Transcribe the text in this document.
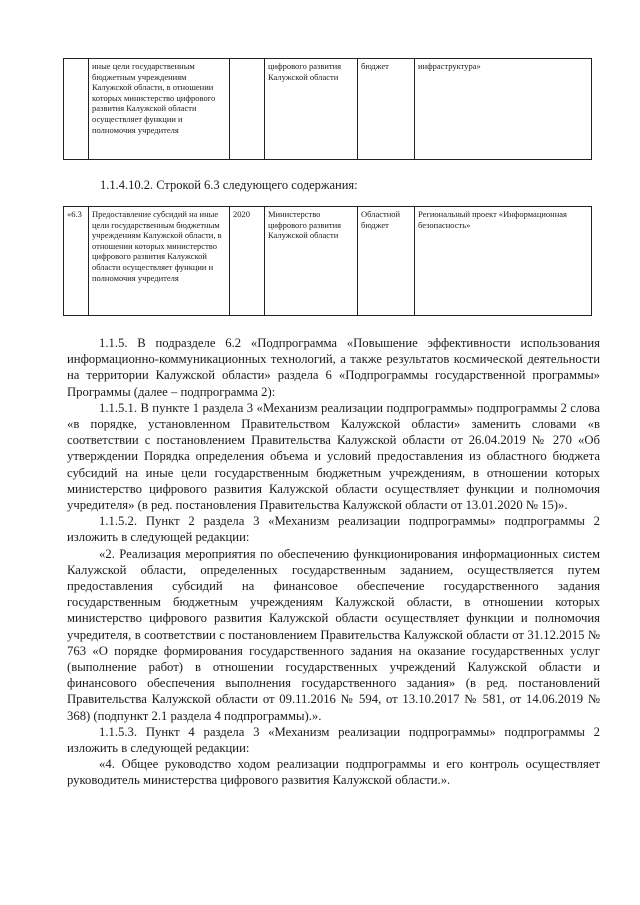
	иные цели государственным бюджетным учреждениям Калужской области, в отношении которых министерство цифрового развития Калужской области осуществляет функции и полномочия учредителя		цифрового развития Калужской области	бюджет	инфраструктура»
1.1.4.10.2. Строкой 6.3 следующего содержания:
«6.3	Предоставление субсидий на иные цели государственным бюджетным учреждениям Калужской области, в отношении которых министерство цифрового развития Калужской области осуществляет функции и полномочия учредителя	2020	Министерство цифрового развития Калужской области	Областной бюджет	Региональный проект «Информационная безопасность»

1.1.5. В подразделе 6.2 «Подпрограмма «Повышение эффективности использования информационно-коммуникационных технологий, а также результатов космической деятельности на территории Калужской области» раздела 6 «Подпрограммы государственной программы» Программы (далее – подпрограмма 2):

1.1.5.1. В пункте 1 раздела 3 «Механизм реализации подпрограммы» подпрограммы 2 слова «в порядке, установленном Правительством Калужской области» заменить словами «в соответствии с постановлением Правительства Калужской области от 26.04.2019 № 270 «Об утверждении Порядка определения объема и условий предоставления из областного бюджета субсидий на иные цели государственным бюджетным учреждениям, в отношении которых министерство цифрового развития Калужской области осуществляет функции и полномочия учредителя» (в ред. постановления Правительства Калужской области от 13.01.2020 № 15)».

1.1.5.2. Пункт 2 раздела 3 «Механизм реализации подпрограммы» подпрограммы 2 изложить в следующей редакции:

«2. Реализация мероприятия по обеспечению функционирования информационных систем Калужской области, определенных государственным заданием, осуществляется путем предоставления субсидий на финансовое обеспечение государственного задания государственным бюджетным учреждениям Калужской области, в отношении которых министерство цифрового развития Калужской области осуществляет функции и полномочия учредителя, в соответствии с постановлением Правительства Калужской области от 31.12.2015 № 763 «О порядке формирования государственного задания на оказание государственных услуг (выполнение работ) в отношении государственных учреждений Калужской области и финансового обеспечения выполнения государственного задания» (в ред. постановлений Правительства Калужской области от 09.11.2016 № 594, от 13.10.2017 № 581, от 14.06.2019 № 368) (подпункт 2.1 раздела 4 подпрограммы).».

1.1.5.3. Пункт 4 раздела 3 «Механизм реализации подпрограммы» подпрограммы 2 изложить в следующей редакции:

«4. Общее руководство ходом реализации подпрограммы и его контроль осуществляет руководитель министерства цифрового развития Калужской области.».
